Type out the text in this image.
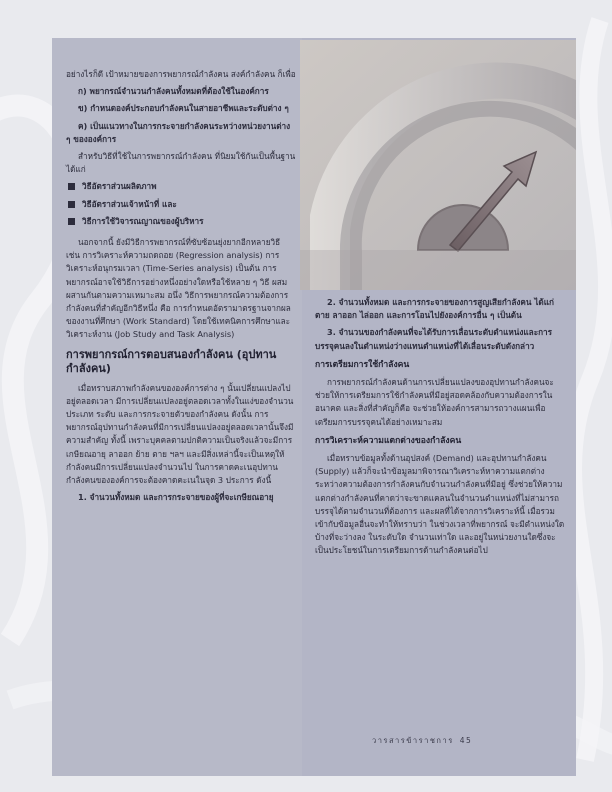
อย่างไรก็ดี เป้าหมายของการพยากรณ์กำลังคน สงค์กำลังคน ก็เพื่อ

ก) พยากรณ์จำนวนกำลังคนทั้งหมดที่ต้องใช้ในองค์การ

ข) กำหนดองค์ประกอบกำลังคนในสายอาชีพและระดับต่าง ๆ

ค) เป็นแนวทางในการกระจายกำลังคนระหว่างหน่วยงานต่าง ๆ ขององค์การ

สำหรับวิธีที่ใช้ในการพยากรณ์กำลังคน ที่นิยมใช้กันเป็นพื้นฐาน ได้แก่

วิธีอัตราส่วนผลิตภาพ
วิธีอัตราส่วนเจ้าหน้าที่ และ
วิธีการใช้วิจารณญาณของผู้บริหาร

นอกจากนี้ ยังมีวิธีการพยากรณ์ที่ซับซ้อนยุ่งยากอีกหลายวิธี เช่น การวิเคราะห์ความถดถอย (Regression analysis) การวิเคราะห์อนุกรมเวลา (Time-Series analysis) เป็นต้น การพยากรณ์อาจใช้วิธีการอย่างหนึ่งอย่างใดหรือใช้หลาย ๆ วิธี ผสมผสานกันตามความเหมาะสม อนึ่ง วิธีการพยากรณ์ความต้องการกำลังคนที่สำคัญอีกวิธีหนึ่ง คือ การกำหนดอัตรามาตรฐานจากผลของงานที่ศึกษา (Work Standard) โดยใช้เทคนิคการศึกษาและวิเคราะห์งาน (Job Study and Task Analysis)

การพยากรณ์การตอบสนองกำลังคน (อุปทานกำลังคน)

เมื่อทราบสภาพกำลังคนขององค์การต่าง ๆ นั้นเปลี่ยนแปลงไปอยู่ตลอดเวลา มีการเปลี่ยนแปลงอยู่ตลอดเวลาทั้งในแง่ของจำนวน ประเภท ระดับ และการกระจายตัวของกำลังคน ดังนั้น การพยากรณ์อุปทานกำลังคนที่มีการเปลี่ยนแปลงอยู่ตลอดเวลานั้นจึงมีความสำคัญ ทั้งนี้ เพราะบุคคลตามปกติความเป็นจริงแล้วจะมีการเกษียณอายุ ลาออก ย้าย ตาย ฯลฯ และมีสิ่งเหล่านี้จะเป็นเหตุให้กำลังคนมีการเปลี่ยนแปลงจำนวนไป ในการคาดคะเนอุปทานกำลังคนขององค์การจะต้องคาดคะเนในจุด 3 ประการ ดังนี้

1. จำนวนทั้งหมด และการกระจายของผู้ที่จะเกษียณอายุ

2. จำนวนทั้งหมด และการกระจายของการสูญเสียกำลังคน ได้แก่ ตาย ลาออก ไล่ออก และการโอนไปยังองค์การอื่น ๆ เป็นต้น

3. จำนวนของกำลังคนที่จะได้รับการเลื่อนระดับตำแหน่งและการบรรจุคนลงในตำแหน่งว่างแทนตำแหน่งที่ได้เลื่อนระดับดังกล่าว

การเตรียมการใช้กำลังคน

การพยากรณ์กำลังคนด้านการเปลี่ยนแปลงของอุปทานกำลังคนจะช่วยให้การเตรียมการใช้กำลังคนที่มีอยู่สอดคล้องกับความต้องการในอนาคต และสิ่งที่สำคัญก็คือ จะช่วยให้องค์การสามารถวางแผนเพื่อเตรียมการบรรจุคนได้อย่างเหมาะสม

การวิเคราะห์ความแตกต่างของกำลังคน

เมื่อทราบข้อมูลทั้งด้านอุปสงค์ (Demand) และอุปทานกำลังคน (Supply) แล้วก็จะนำข้อมูลมาพิจารณาวิเคราะห์หาความแตกต่างระหว่างความต้องการกำลังคนกับจำนวนกำลังคนที่มีอยู่ ซึ่งช่วยให้ความแตกต่างกำลังคนที่คาดว่าจะขาดแคลนในจำนวนตำแหน่งที่ไม่สามารถบรรจุได้ตามจำนวนที่ต้องการ และผลที่ได้จากการวิเคราะห์นี้ เมื่อรวมเข้ากับข้อมูลอื่นจะทำให้ทราบว่า ในช่วงเวลาที่พยากรณ์ จะมีตำแหน่งใดบ้างที่จะว่างลง ในระดับใด จำนวนเท่าใด และอยู่ในหน่วยงานใดซึ่งจะเป็นประโยชน์ในการเตรียมการด้านกำลังคนต่อไป

วารสารข้าราชการ 45
